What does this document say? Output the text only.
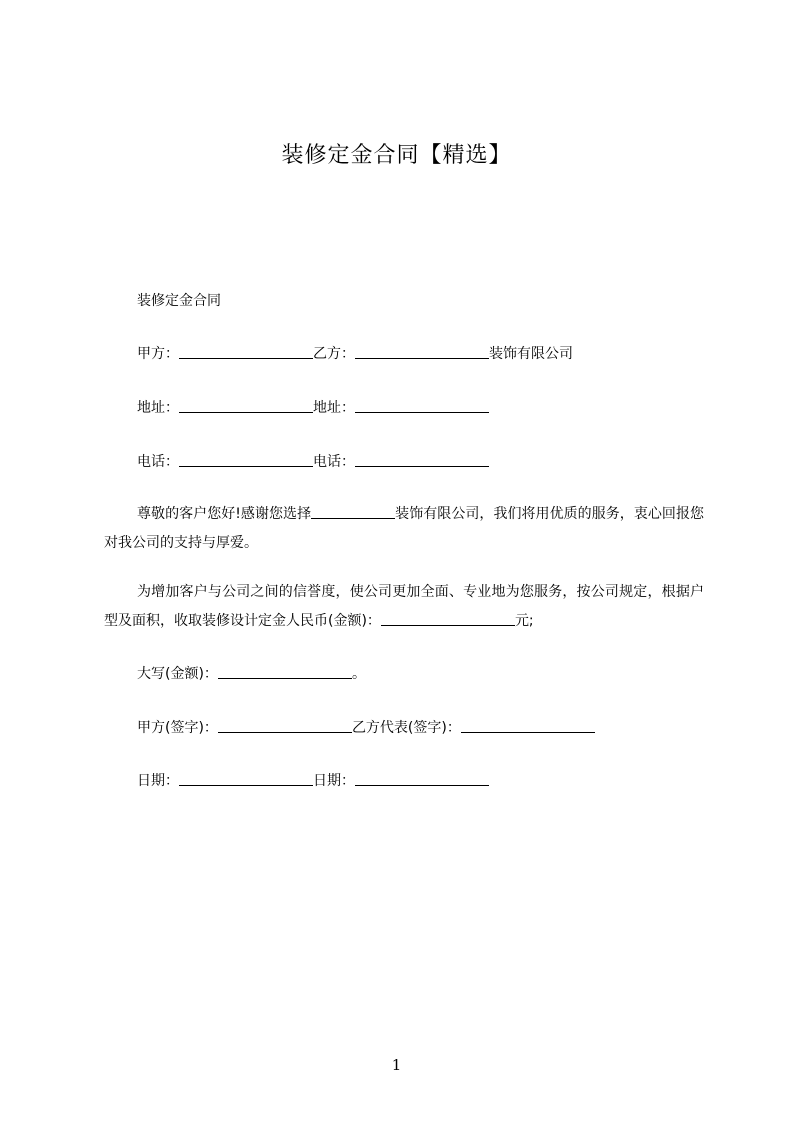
装修定金合同【精选】
装修定金合同
甲方：	乙方：	装饰有限公司
地址：	地址：
电话：	电话：
尊敬的客户您好!感谢您选择	装饰有限公司，我们将用优质的服务，衷心回报您对我公司的支持与厚爱。
为增加客户与公司之间的信誉度，使公司更加全面、专业地为您服务，按公司规定，根据户型及面积，收取装修设计定金人民币(金额)：	元;
大写(金额)：	。
甲方(签字)：	乙方代表(签字)：
日期：	日期：
1
